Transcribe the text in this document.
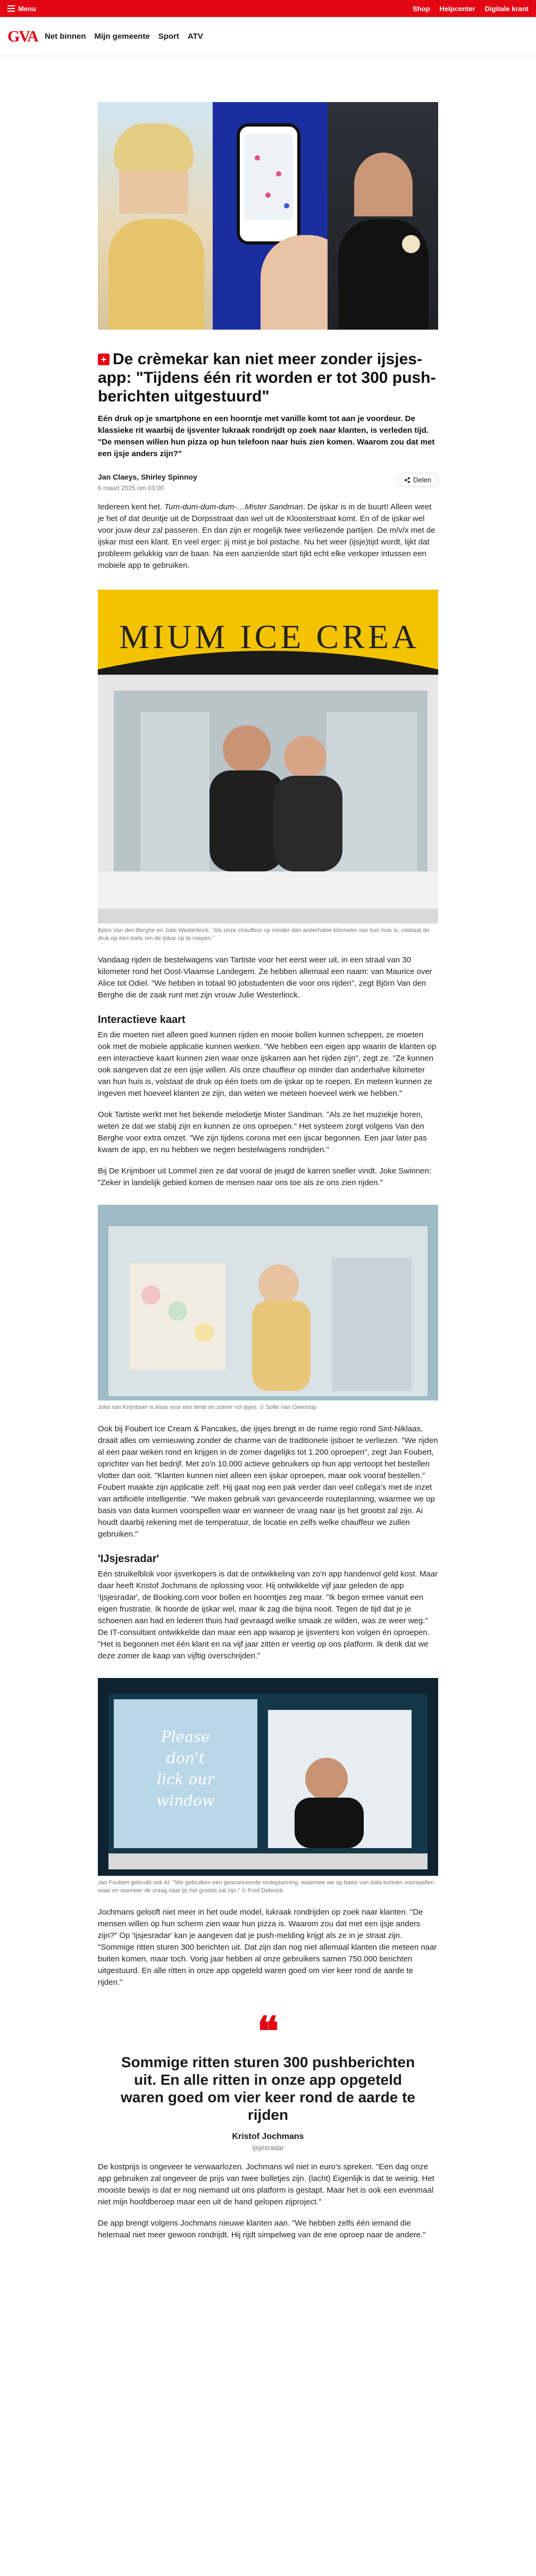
Menu	Shop Helpcenter Digitale krant
GVA Net binnen Mijn gemeente Sport ATV
+ De crèmekar kan niet meer zonder ijsjes-app: "Tijdens één rit worden er tot 300 push-berichten uitgestuurd"

Eén druk op je smartphone en een hoorntje met vanille komt tot aan je voordeur. De klassieke rit waarbij de ijsventer lukraak rondrijdt op zoek naar klanten, is verleden tijd. "De mensen willen hun pizza op hun telefoon naar huis zien komen. Waarom zou dat met een ijsje anders zijn?"

Jan Claeys, Shirley Spinnoy
6 maart 2025 om 03:00
Delen

Iedereen kent het. Tum-dum-dum-dum-…Mister Sandman. De ijskar is in de buurt! Alleen weet je het of dat deuntje uit de Dorpsstraat dan wel uit de Kloosterstraat komt. En of de ijskar wel voor jouw deur zal passeren. En dan zijn er mogelijk twee verliezende partijen. De m/v/x met de ijskar mist een klant. En veel erger: jij mist je bol pistache. Nu het weer (ijsje)tijd wordt, lijkt dat probleem gelukkig van de baan. Na een aanzienlde start tijkt echt elke verkoper intussen een mobiele app te gebruiken.

MIUM ICE CREA

Björn Van den Berghe en Julie Westerlinck. "Als onze chauffeur op minder dan anderhalve kilometer van hun huis is, volstaat de druk op één toets om de ijskar op te roepen."

Vandaag rijden de bestelwagens van Tartiste voor het eerst weer uit, in een straal van 30 kilometer rond het Oost-Vlaamse Landegem. Ze hebben allemaal een naam: van Maurice over Alice tot Odiel. "We hebben in totaal 90 jobstudenten die voor ons rijden", zegt Björn Van den Berghe die de zaak runt met zijn vrouw Julie Westerlinck.

Interactieve kaart

En die moeten niet alleen goed kunnen rijden en mooie bollen kunnen scheppen, ze moeten ook met de mobiele applicatie kunnen werken. "We hebben een eigen app waarin de klanten op een interactieve kaart kunnen zien waar onze ijskarren aan het rijden zijn", zegt ze. "Ze kunnen ook aangeven dat ze een ijsje willen. Als onze chauffeur op minder dan anderhalve kilometer van hun huis is, volstaat de druk op één toets om de ijskar op te roepen. En meteen kunnen ze ingeven met hoeveel klanten ze zijn, dan weten we meteen hoeveel werk we hebben."

Ook Tartiste werkt met het bekende melodietje Mister Sandman. "Als ze het muziekje horen, weten ze dat we stabij zijn en kunnen ze ons oproepen." Het systeem zorgt volgens Van den Berghe voor extra omzet. "We zijn tijdens corona met een ijscar begonnen. Een jaar later pas kwam de app, en nu hebben we negen bestelwagens rondrijden."

Bij De Krijmboer uit Lommel zien ze dat vooral de jeugd de karren sneller vindt. Joke Swinnen: "Zeker in landelijk gebied komen de mensen naar ons toe als ze ons zien rijden."

Joke van Krijmboer is klaar voor een lente en zomer vol ijsjes. © Sofie Van Overloop

Ook bij Foubert Ice Cream & Pancakes, die ijsjes brengt in de ruime regio rond Sint-Niklaas, draait alles om vernieuwing zonder de charme van de traditionele ijsboer te verliezen. "We rijden al een paar weken rond en krijgen in de zomer dagelijks tot 1.200 oproepen", zegt Jan Foubert, oprichter van het bedrijf. Met zo'n 10.000 actieve gebruikers op hun app vertoopt het bestellen vlotter dan ooit. "Klanten kunnen niet alleen een ijskar oproepen, maar ook vooraf bestellen." Foubert maakte zijn applicatie zelf. Hij gaat nog een pak verder dan veel collega's met de inzet van artificiële intelligentie. "We maken gebruik van gevanceerde routeplanning, waarmee we op basis van data kunnen voorspellen waar en wanneer de vraag naar ijs het grootst zal zijn. Ai houdt daarbij rekening met de temperatuur, de locatie en zelfs welke chauffeur we zullen gebruiken."

'IJsjesradar'

Eén struikelblok voor ijsverkopers is dat de ontwikkeling van zo'n app handenvol geld kost. Maar daar heeft Kristof Jochmans de oplossing voor. Hij ontwikkelde vijf jaar geleden de app 'Ijsjesradar', de Booking.com voor bollen en hoorntjes zeg maar. "Ik begon ermee vanuit een eigen frustratie. Ik hoorde de ijskar wel, maar ik zag die bijna nooit. Tegen de tijd dat je je schoenen aan had en lederen thuis had gevraagd welke smaak ze wilden, was ze weer weg." De IT-consultant ontwikkelde dan maar een app waarop je ijsventers kon volgen én oproepen. "Het is begonnen met één klant en na vijf jaar zitten er veertig op ons platform. Ik denk dat we deze zomer de kaap van vijftig overschrijden."

Please
don't
lick our
window

Jan Foubert gebruikt ook AI: "We gebruiken een geavanceerde routeplanning, waarmee we op basis van data kunnen voorspellen waar en wanneer de vraag naar ijs het grootst zal zijn." © Fred Debrock

Jochmans gelooft niet meer in het oude model, lukraak rondrijden op zoek naar klanten. "De mensen willen op hun scherm zien waar hun pizza is. Waarom zou dat met een ijsje anders zijn?" Op 'Ijsjesradar' kan je aangeven dat je push-melding krijgt als ze in je straat zijn. "Sommige ritten sturen 300 berichten uit. Dat zijn dan nog niet allemaal klanten die meteen naar buiten komen, maar toch. Vorig jaar hebben al onze gebruikers samen 750.000 berichten uitgestuurd. En alle ritten in onze app opgeteld waren goed om vier keer rond de aarde te rijden."

❝
Sommige ritten sturen 300 pushberichten uit. En alle ritten in onze app opgeteld waren goed om vier keer rond de aarde te rijden
Kristof Jochmans
Ijsjesradar

De kostprijs is ongeveer te verwaarlozen. Jochmans wil niet in euro's spreken. "Een dag onze app gebruiken zal ongeveer de prijs van twee bolletjes zijn. (lacht) Eigenlijk is dat te weinig. Het mooiste bewijs is dat er nog niemand uit ons platform is gestapt. Maar het is ook een evenmaal niet mijn hoofdberoep maar een uit de hand gelopen zijproject."

De app brengt volgens Jochmans nieuwe klanten aan. "We hebben zelfs één iemand die helemaal niet meer gewoon rondrijdt. Hij rijdt simpelweg van de ene oproep naar de andere."
